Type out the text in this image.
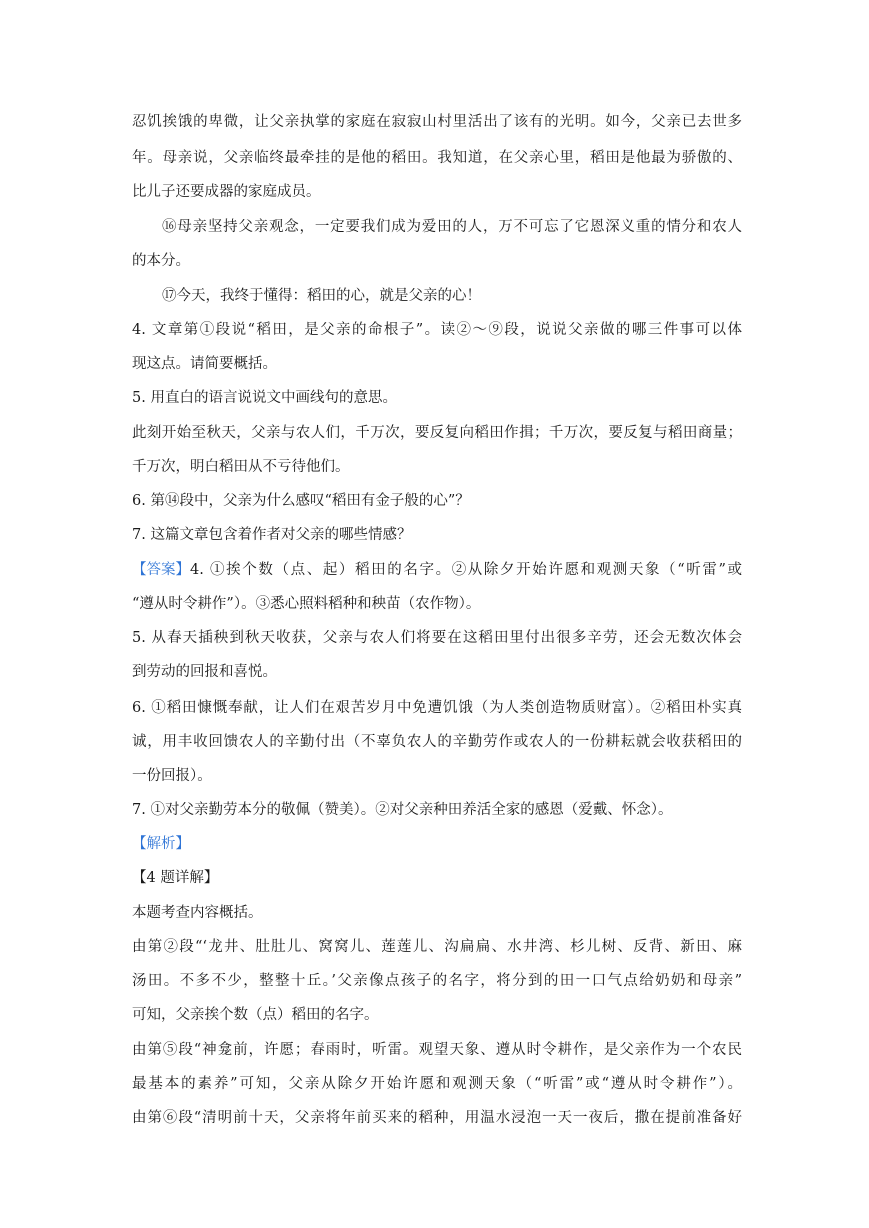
忍饥挨饿的卑微，让父亲执掌的家庭在寂寂山村里活出了该有的光明。如今，父亲已去世多
年。母亲说，父亲临终最牵挂的是他的稻田。我知道，在父亲心里，稻田是他最为骄傲的、
比儿子还要成器的家庭成员。
⑯母亲坚持父亲观念，一定要我们成为爱田的人，万不可忘了它恩深义重的情分和农人
的本分。
⑰今天，我终于懂得：稻田的心，就是父亲的心！
4. 文章第①段说“稻田，是父亲的命根子”。读②～⑨段，说说父亲做的哪三件事可以体
现这点。请简要概括。
5. 用直白的语言说说文中画线句的意思。
此刻开始至秋天，父亲与农人们，千万次，要反复向稻田作揖；千万次，要反复与稻田商量；
千万次，明白稻田从不亏待他们。
6. 第⑭段中，父亲为什么感叹“稻田有金子般的心”？
7. 这篇文章包含着作者对父亲的哪些情感？
【答案】 4. ①挨个数（点、起）稻田的名字。②从除夕开始许愿和观测天象（“听雷”或
“遵从时令耕作”）。③悉心照料稻种和秧苗（农作物）。
5. 从春天插秧到秋天收获，父亲与农人们将要在这稻田里付出很多辛劳，还会无数次体会
到劳动的回报和喜悦。
6. ①稻田慷慨奉献，让人们在艰苦岁月中免遭饥饿（为人类创造物质财富）。②稻田朴实真
诚，用丰收回馈农人的辛勤付出（不辜负农人的辛勤劳作或农人的一份耕耘就会收获稻田的
一份回报）。
7. ①对父亲勤劳本分的敬佩（赞美）。②对父亲种田养活全家的感恩（爱戴、怀念）。
【解析】
【4 题详解】
本题考查内容概括。
由第②段“‘龙井、肚肚儿、窝窝儿、莲莲儿、沟扁扁、水井湾、杉儿树、反背、新田、麻
汤田。不多不少，整整十丘。’父亲像点孩子的名字，将分到的田一口气点给奶奶和母亲”
可知，父亲挨个数（点）稻田的名字。
由第⑤段“神龛前，许愿；春雨时，听雷。观望天象、遵从时令耕作，是父亲作为一个农民
最基本的素养”可知，父亲从除夕开始许愿和观测天象（“听雷”或“遵从时令耕作”）。
由第⑥段“清明前十天，父亲将年前买来的稻种，用温水浸泡一天一夜后，撒在提前准备好
